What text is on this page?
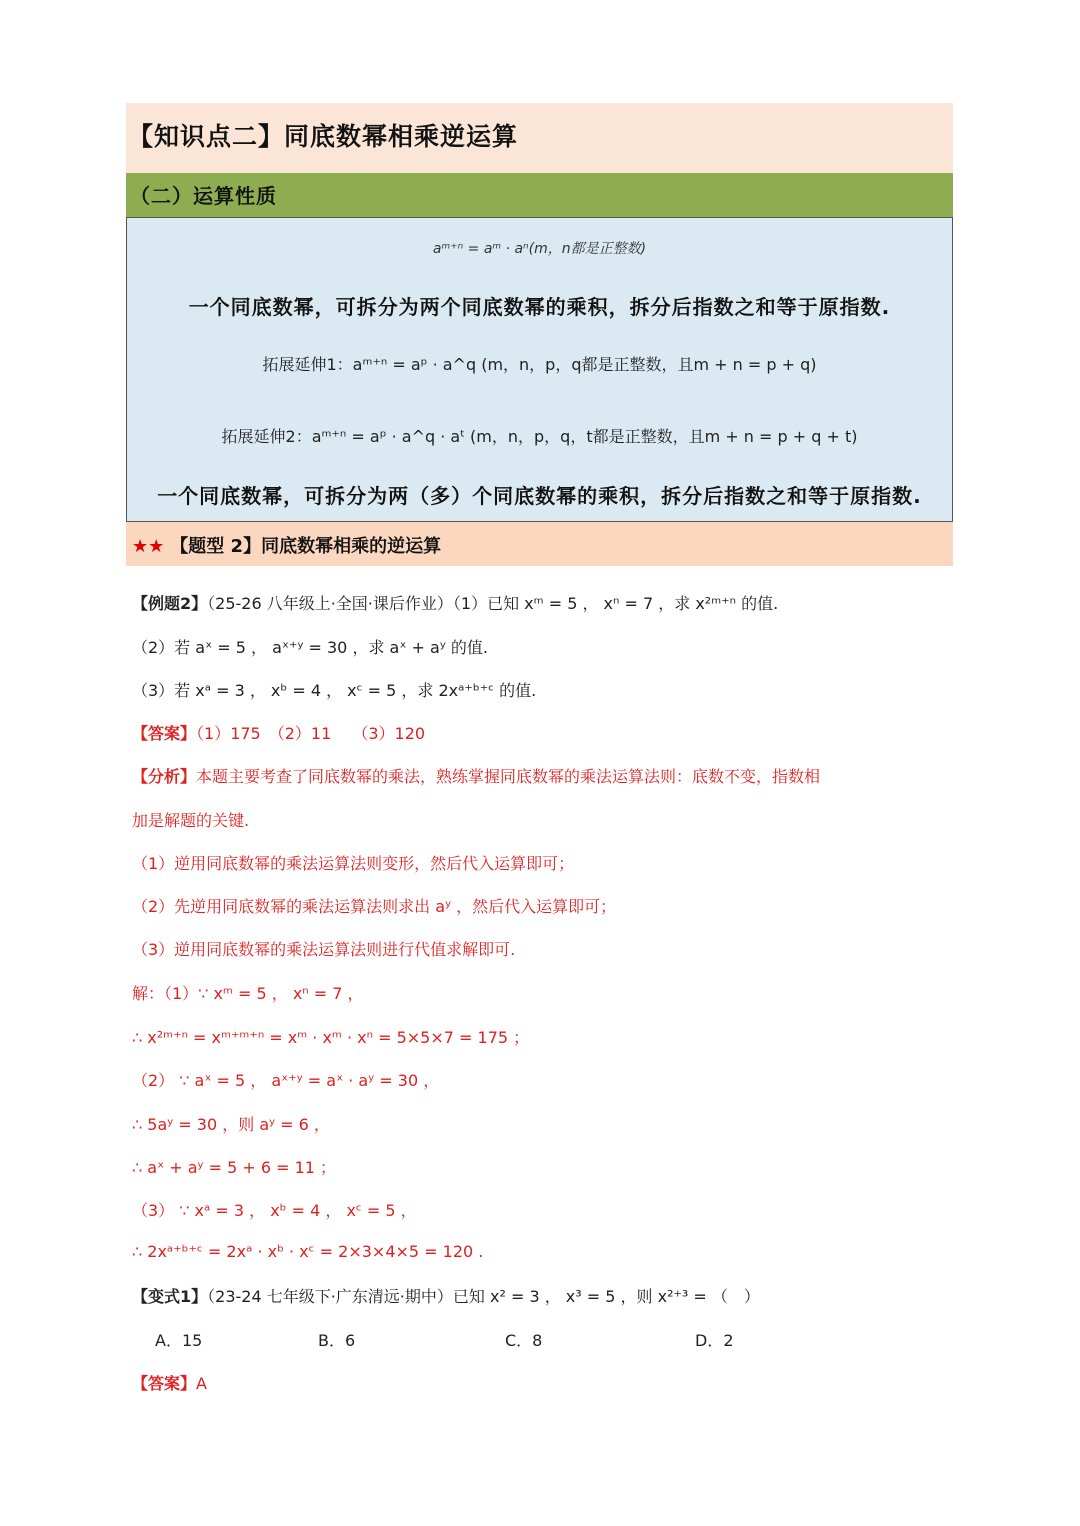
【知识点二】同底数幂相乘逆运算
（二）运算性质
aᵐ⁺ⁿ = aᵐ · aⁿ(m，n都是正整数)
一个同底数幂，可拆分为两个同底数幂的乘积，拆分后指数之和等于原指数.
拓展延伸1：aᵐ⁺ⁿ = aᵖ · a^q (m，n，p，q都是正整数，且m + n = p + q)
拓展延伸2：aᵐ⁺ⁿ = aᵖ · a^q · aᵗ (m，n，p，q，t都是正整数，且m + n = p + q + t)
一个同底数幂，可拆分为两（多）个同底数幂的乘积，拆分后指数之和等于原指数.
★★ 【题型 2】同底数幂相乘的逆运算
【例题2】（25-26 八年级上·全国·课后作业）（1）已知 xᵐ = 5 ， xⁿ = 7 ，求 x²ᵐ⁺ⁿ 的值.
（2）若 aˣ = 5 ， aˣ⁺ʸ = 30 ，求 aˣ + aʸ 的值.
（3）若 xᵃ = 3 ， xᵇ = 4 ， xᶜ = 5 ，求 2xᵃ⁺ᵇ⁺ᶜ 的值.
【答案】（1）175　（2）11　 （3）120
【分析】本题主要考查了同底数幂的乘法，熟练掌握同底数幂的乘法运算法则：底数不变，指数相
加是解题的关键.
（1）逆用同底数幂的乘法运算法则变形，然后代入运算即可；
（2）先逆用同底数幂的乘法运算法则求出 aʸ ，然后代入运算即可；
（3）逆用同底数幂的乘法运算法则进行代值求解即可.
解：（1）∵ xᵐ = 5 ， xⁿ = 7 ，
∴ x²ᵐ⁺ⁿ = xᵐ⁺ᵐ⁺ⁿ = xᵐ · xᵐ · xⁿ = 5×5×7 = 175 ；
（2） ∵ aˣ = 5 ， aˣ⁺ʸ = aˣ · aʸ = 30 ，
∴ 5aʸ = 30 ，则 aʸ = 6 ，
∴ aˣ + aʸ = 5 + 6 = 11 ；
（3） ∵ xᵃ = 3 ， xᵇ = 4 ， xᶜ = 5 ，
∴ 2xᵃ⁺ᵇ⁺ᶜ = 2xᵃ · xᵇ · xᶜ = 2×3×4×5 = 120 .
【变式1】（23-24 七年级下·广东清远·期中）已知 x² = 3 ， x³ = 5 ，则 x²⁺³ = （　）
A．15	B．6	C．8	D．2
【答案】A
